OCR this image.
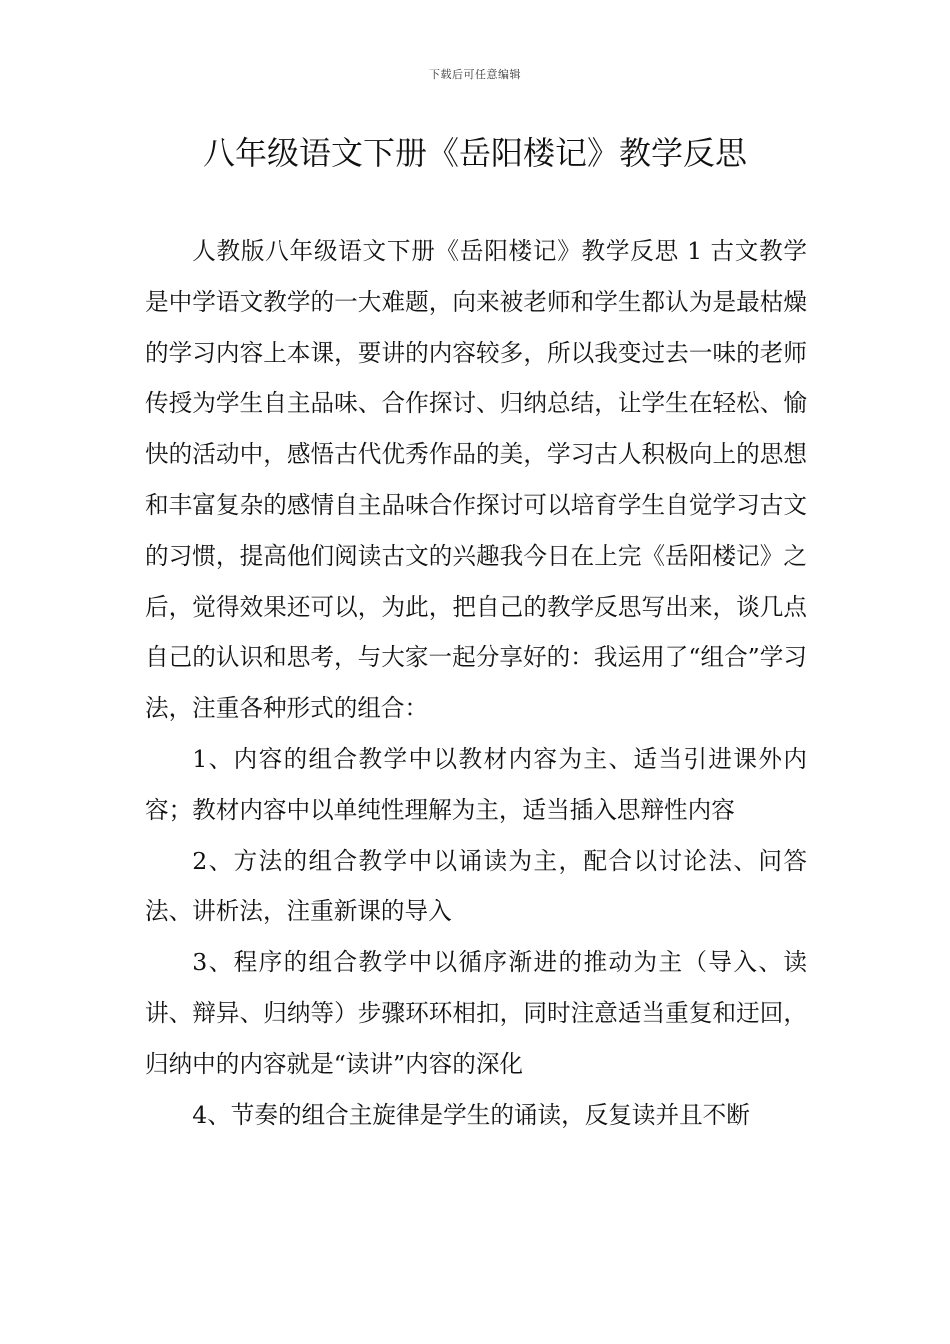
下载后可任意编辑
八年级语文下册《岳阳楼记》教学反思

人教版八年级语文下册《岳阳楼记》教学反思 1 古文教学是中学语文教学的一大难题，向来被老师和学生都认为是最枯燥的学习内容上本课，要讲的内容较多，所以我变过去一味的老师传授为学生自主品味、合作探讨、归纳总结，让学生在轻松、愉快的活动中，感悟古代优秀作品的美，学习古人积极向上的思想和丰富复杂的感情自主品味合作探讨可以培育学生自觉学习古文的习惯，提高他们阅读古文的兴趣我今日在上完《岳阳楼记》之后，觉得效果还可以，为此，把自己的教学反思写出来，谈几点自己的认识和思考，与大家一起分享好的：我运用了“组合”学习法，注重各种形式的组合：

1、内容的组合教学中以教材内容为主、适当引进课外内容；教材内容中以单纯性理解为主，适当插入思辩性内容

2、方法的组合教学中以诵读为主，配合以讨论法、问答法、讲析法，注重新课的导入

3、程序的组合教学中以循序渐进的推动为主（导入、读讲、辩异、归纳等）步骤环环相扣，同时注意适当重复和迂回，归纳中的内容就是“读讲”内容的深化

4、节奏的组合主旋律是学生的诵读，反复读并且不断
